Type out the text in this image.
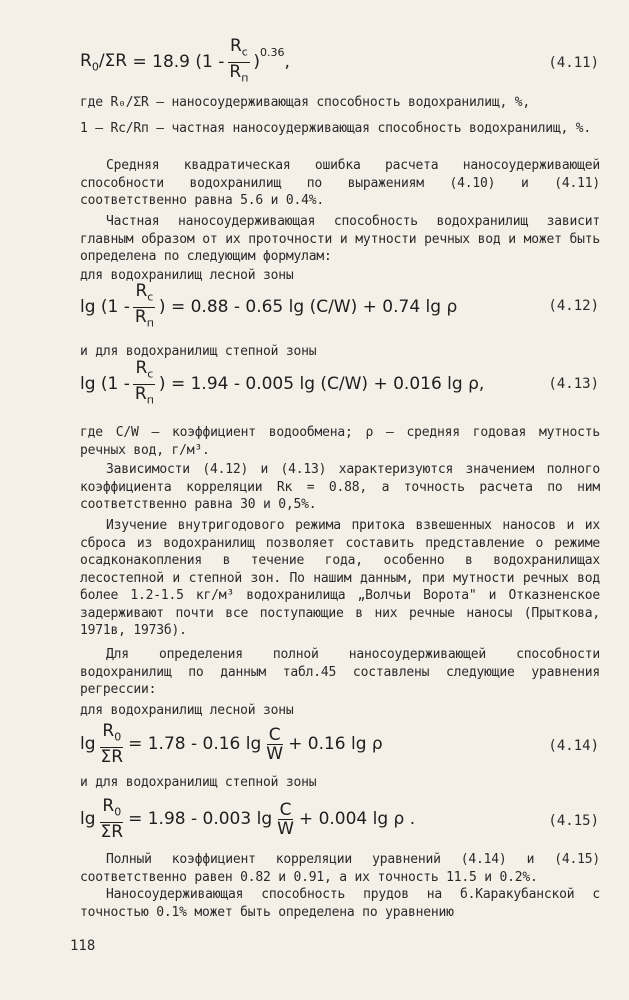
$R_0/\Sigma R$
= 18.9 $(1 - \frac{R_c}{R_п} )^{0.36}$ ,	(4.11)
где R₀/ΣR – наносоудерживающая способность водохранилищ, %,
1 – Rc/Rп – частная наносоудерживающая способность водохранилищ, %.
Средняя квадратическая ошибка расчета наносоудерживающей способности водохранилищ по выражениям (4.10) и (4.11) соответственно равна 5.6 и 0.4%.
Частная наносоудерживающая способность водохранилищ зависит главным образом от их проточности и мутности речных вод и может быть определена по следующим формулам:
для водохранилищ лесной зоны
$\lg (1 - \frac{R_c}{R_п}$ ) = 0.88 - 0.65 lg (C/W) + 0.74 lg ρ	(4.12)
и для водохранилищ степной зоны
$\lg (1 - \frac{R_c}{R_п}$ ) = 1.94 - 0.005 lg (C/W) + 0.016 lg ρ,	(4.13)
где C/W – коэффициент водообмена; ρ – средняя годовая мутность речных вод, г/м³.
Зависимости (4.12) и (4.13) характеризуются значением полного коэффициента корреляции Rк = 0.88, а точность расчета по ним соответственно равна 30 и 0,5%.
Изучение внутригодового режима притока взвешенных наносов и их сброса из водохранилищ позволяет составить представление о режиме осадконакопления в течение года, особенно в водохранилищах лесостепной и степной зон. По нашим данным, при мутности речных вод более 1.2-1.5 кг/м³ водохранилища „Волчьи Ворота" и Отказненское задерживают почти все поступающие в них речные наносы (Прыткова, 1971в, 1973б).
Для определения полной наносоудерживающей способности водохранилищ по данным табл.45 составлены следующие уравнения регрессии:
для водохранилищ лесной зоны
$\lg \frac{R_0}{\Sigma R} = 1.78 - 0.16$ $\lg \frac{C}{W} + 0.16$ lg ρ	(4.14)
и для водохранилищ степной зоны
$\lg \frac{R_0}{\Sigma R} = 1.98 - 0.003$ $\lg \frac{C}{W} + 0.004$ lg ρ .	(4.15)
Полный коэффициент корреляции уравнений (4.14) и (4.15) соответственно равен 0.82 и 0.91, а их точность 11.5 и 0.2%.
Наносоудерживающая способность прудов на б.Каракубанской с точностью 0.1% может быть определена по уравнению
118
